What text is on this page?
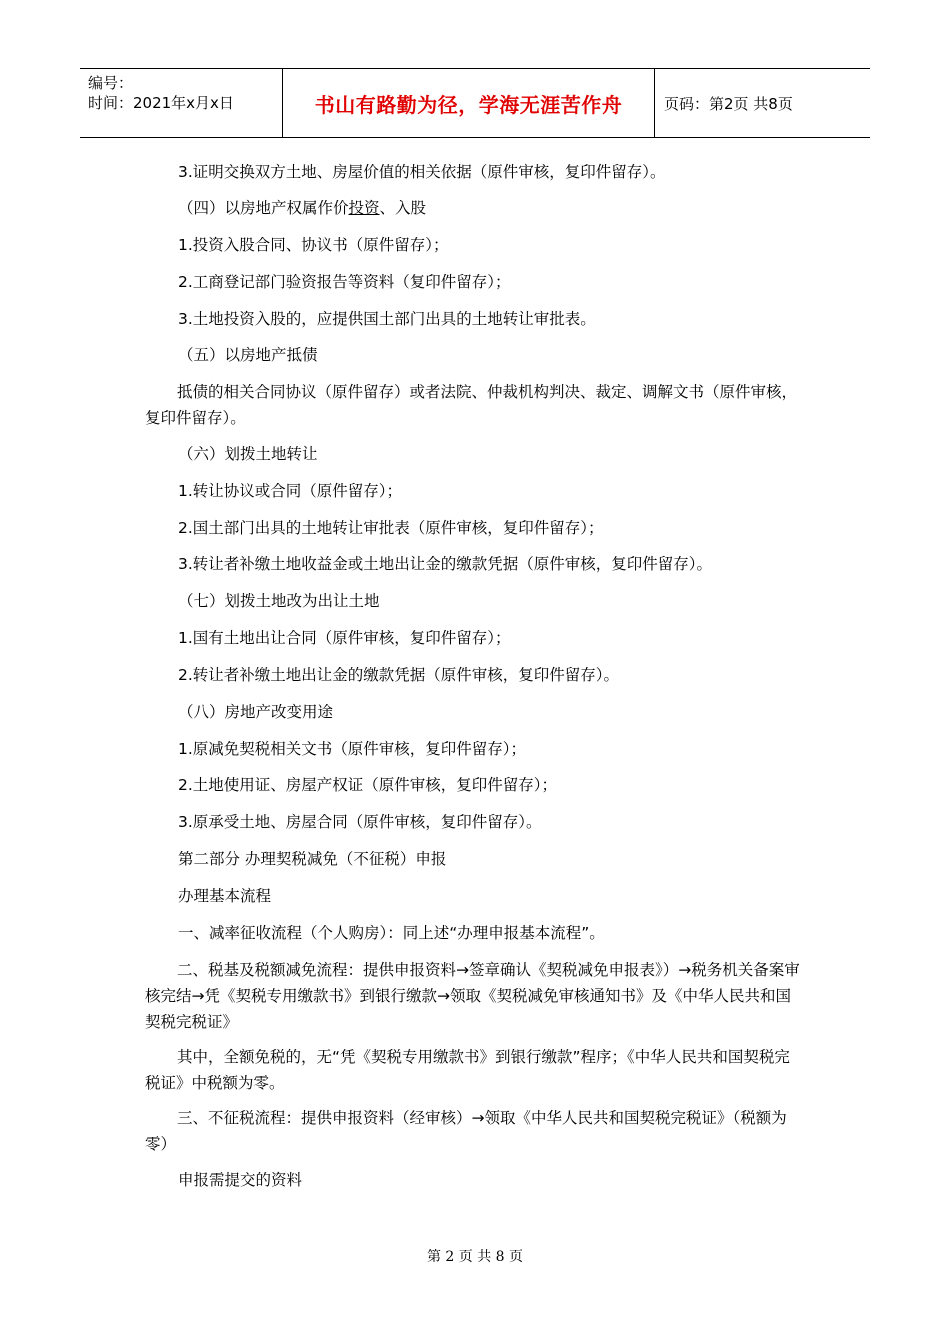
编号：
时间：2021年x月x日	书山有路勤为径，学海无涯苦作舟	页码：第2页 共8页
3.证明交换双方土地、房屋价值的相关依据（原件审核，复印件留存）。
（四）以房地产权属作价投资、入股
1.投资入股合同、协议书（原件留存）；
2.工商登记部门验资报告等资料（复印件留存）；
3.土地投资入股的，应提供国土部门出具的土地转让审批表。
（五）以房地产抵债
抵债的相关合同协议（原件留存）或者法院、仲裁机构判决、裁定、调解文书（原件审核，复印件留存）。
（六）划拨土地转让
1.转让协议或合同（原件留存）；
2.国土部门出具的土地转让审批表（原件审核，复印件留存）；
3.转让者补缴土地收益金或土地出让金的缴款凭据（原件审核，复印件留存）。
（七）划拨土地改为出让土地
1.国有土地出让合同（原件审核，复印件留存）；
2.转让者补缴土地出让金的缴款凭据（原件审核，复印件留存）。
（八）房地产改变用途
1.原减免契税相关文书（原件审核，复印件留存）；
2.土地使用证、房屋产权证（原件审核，复印件留存）；
3.原承受土地、房屋合同（原件审核，复印件留存）。
第二部分 办理契税减免（不征税）申报
办理基本流程
一、减率征收流程（个人购房）：同上述“办理申报基本流程”。
二、税基及税额减免流程：提供申报资料→签章确认《契税减免申报表》）→税务机关备案审核完结→凭《契税专用缴款书》到银行缴款→领取《契税减免审核通知书》及《中华人民共和国契税完税证》
其中，全额免税的，无“凭《契税专用缴款书》到银行缴款”程序；《中华人民共和国契税完税证》中税额为零。
三、不征税流程：提供申报资料（经审核）→领取《中华人民共和国契税完税证》（税额为零）
申报需提交的资料
第 2 页 共 8 页
